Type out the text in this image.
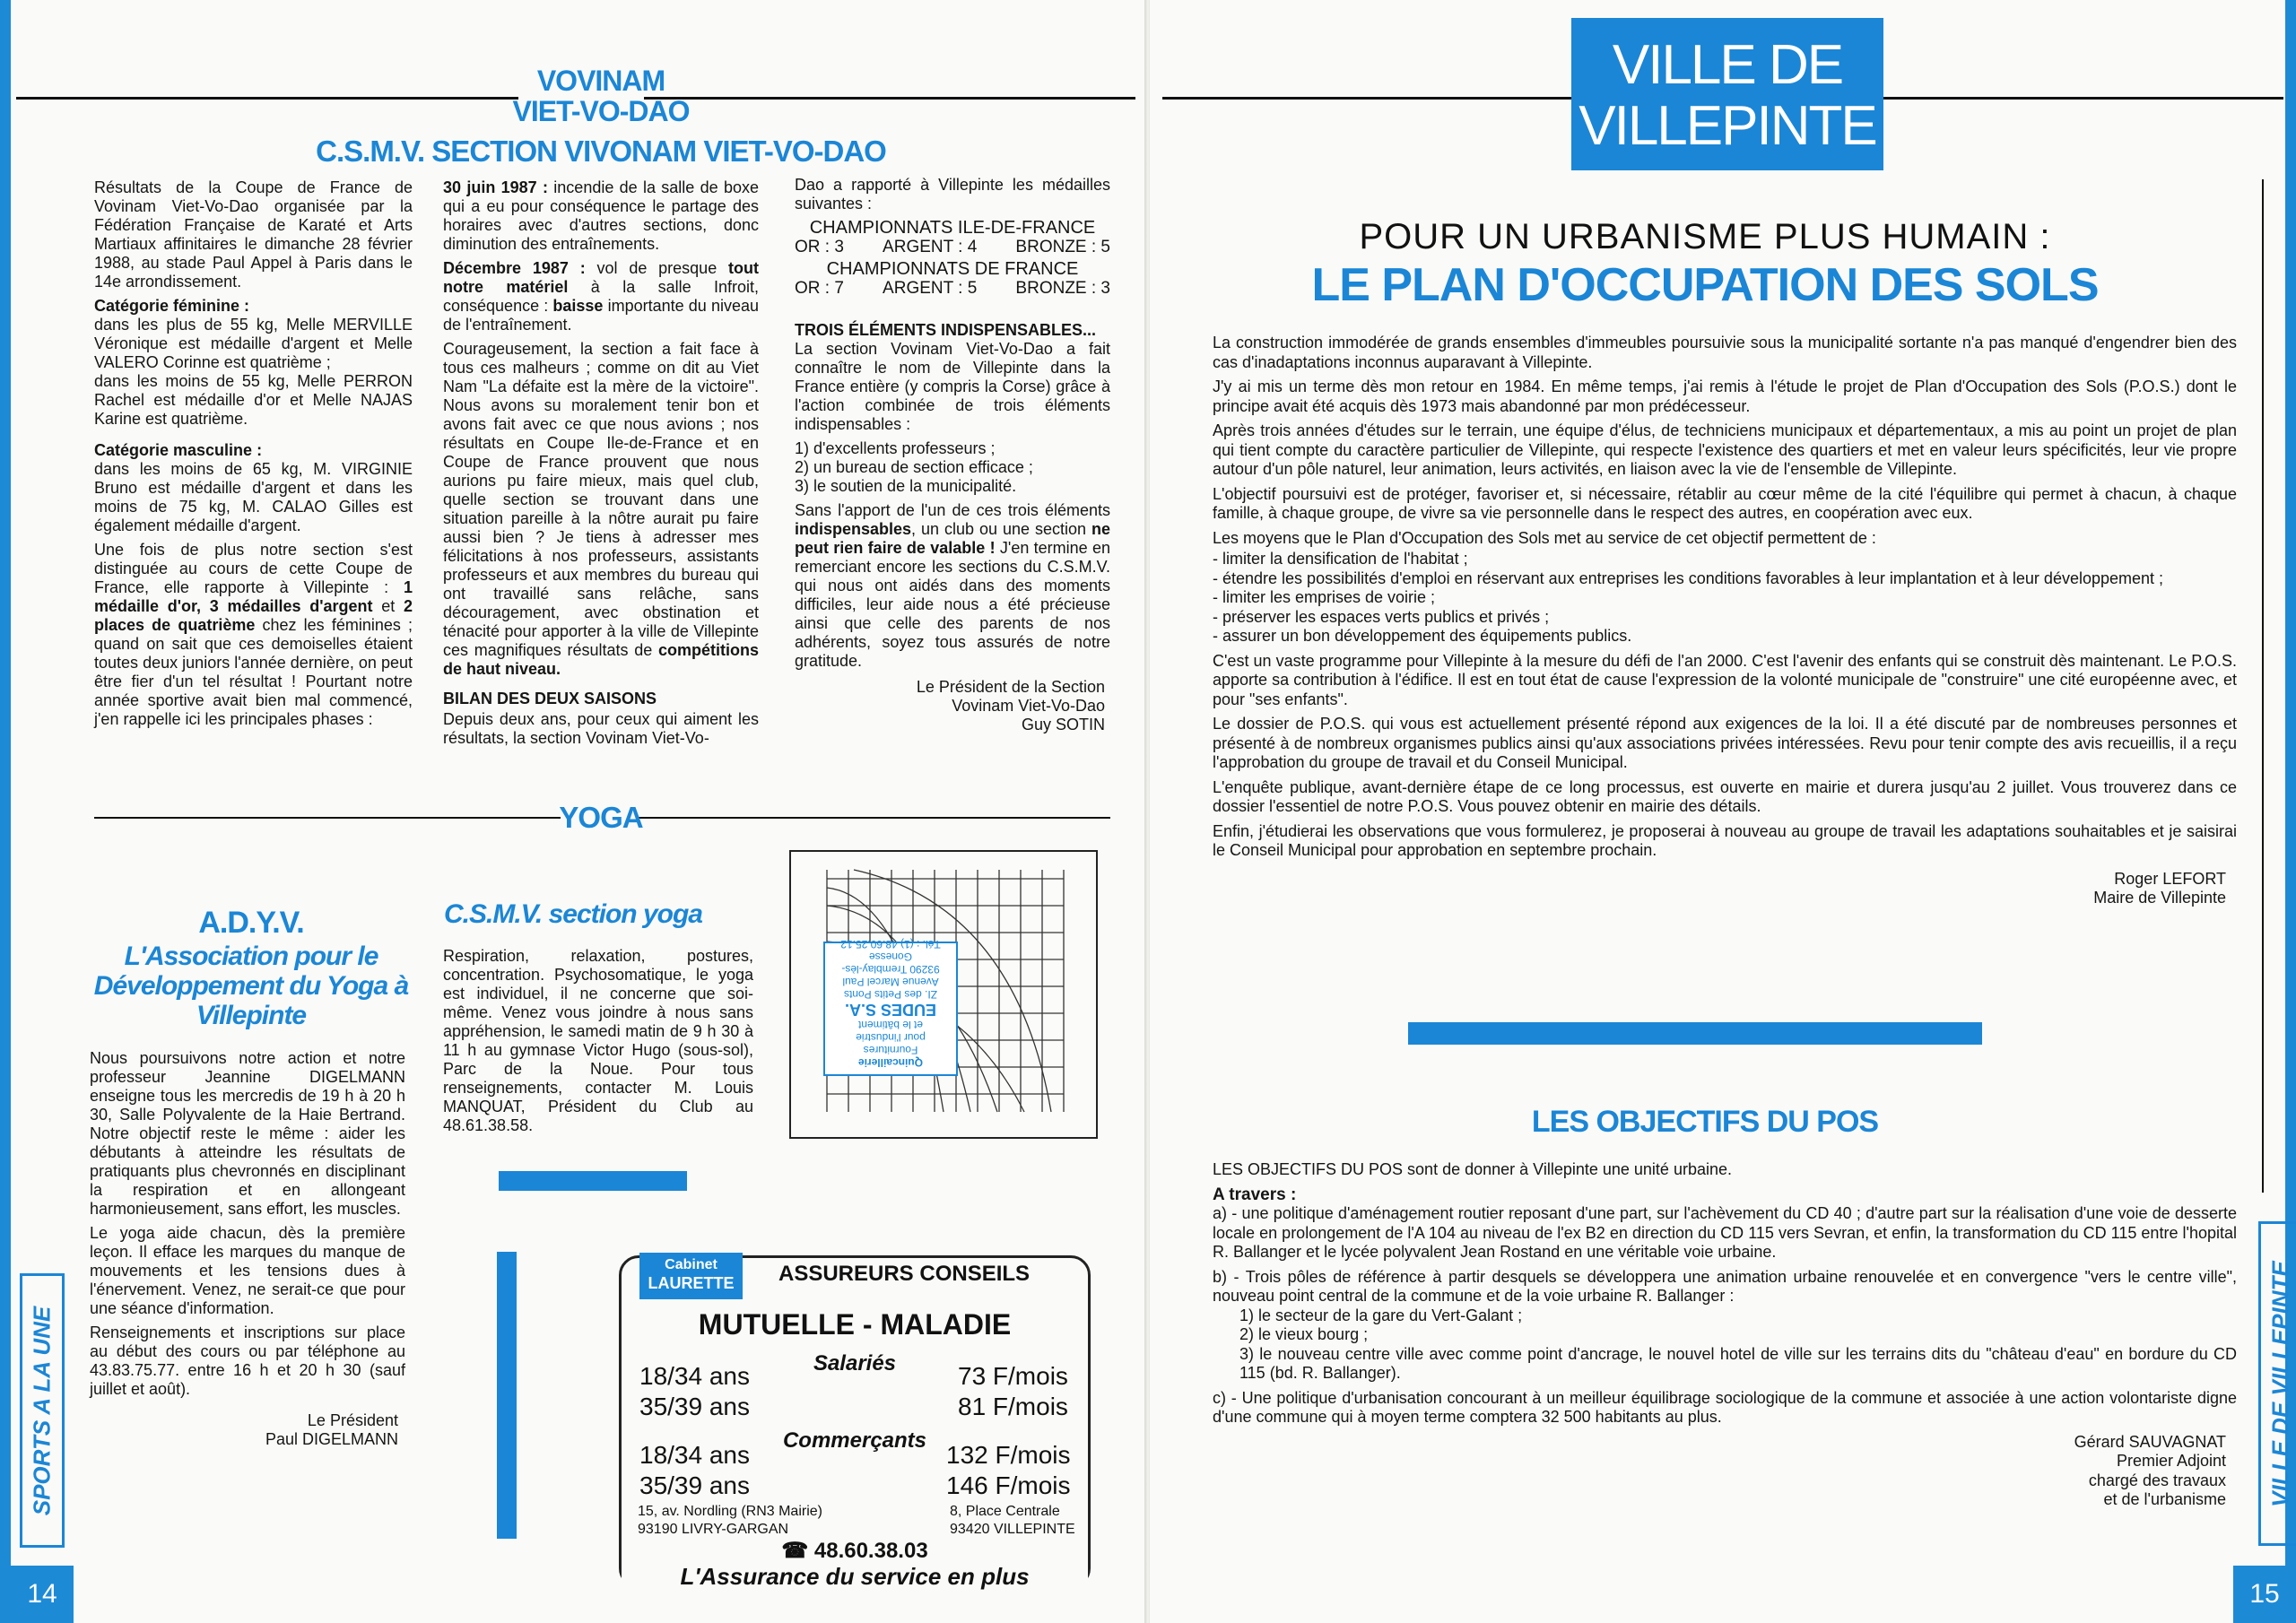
VOVINAM
VIET-VO-DAO
C.S.M.V. SECTION VIVONAM VIET-VO-DAO

Résultats de la Coupe de France de Vovinam Viet-Vo-Dao organisée par la Fédération Française de Karaté et Arts Martiaux affinitaires le dimanche 28 février 1988, au stade Paul Appel à Paris dans le 14e arrondissement.

Catégorie féminine :

dans les plus de 55 kg, Melle MERVILLE Véronique est médaille d'argent et Melle VALERO Corinne est quatrième ;

dans les moins de 55 kg, Melle PERRON Rachel est médaille d'or et Melle NAJAS Karine est quatrième.

Catégorie masculine :

dans les moins de 65 kg, M. VIRGINIE Bruno est médaille d'argent et dans les moins de 75 kg, M. CALAO Gilles est également médaille d'argent.

Une fois de plus notre section s'est distinguée au cours de cette Coupe de France, elle rapporte à Villepinte : 1 médaille d'or, 3 médailles d'argent et 2 places de quatrième chez les féminines ; quand on sait que ces demoiselles étaient toutes deux juniors l'année dernière, on peut être fier d'un tel résultat ! Pourtant notre année sportive avait bien mal commencé, j'en rappelle ici les principales phases :

30 juin 1987 : incendie de la salle de boxe qui a eu pour conséquence le partage des horaires avec d'autres sections, donc diminution des entraînements.

Décembre 1987 : vol de presque tout notre matériel à la salle Infroit, conséquence : baisse importante du niveau de l'entraînement.

Courageusement, la section a fait face à tous ces malheurs ; comme on dit au Viet Nam "La défaite est la mère de la victoire". Nous avons su moralement tenir bon et avons fait avec ce que nous avions ; nos résultats en Coupe Ile-de-France et en Coupe de France prouvent que nous aurions pu faire mieux, mais quel club, quelle section se trouvant dans une situation pareille à la nôtre aurait pu faire aussi bien ? Je tiens à adresser mes félicitations à nos professeurs, assistants professeurs et aux membres du bureau qui ont travaillé sans relâche, sans découragement, avec obstination et ténacité pour apporter à la ville de Villepinte ces magnifiques résultats de compétitions de haut niveau.

BILAN DES DEUX SAISONS

Depuis deux ans, pour ceux qui aiment les résultats, la section Vovinam Viet-Vo-

Dao a rapporté à Villepinte les médailles suivantes :

CHAMPIONNATS ILE-DE-FRANCE
OR : 3 ARGENT : 4 BRONZE : 5
CHAMPIONNATS DE FRANCE
OR : 7 ARGENT : 5 BRONZE : 3

TROIS ÉLÉMENTS INDISPENSABLES...

La section Vovinam Viet-Vo-Dao a fait connaître le nom de Villepinte dans la France entière (y compris la Corse) grâce à l'action combinée de trois éléments indispensables :

1) d'excellents professeurs ;
2) un bureau de section efficace ;
3) le soutien de la municipalité.

Sans l'apport de l'un de ces trois éléments indispensables, un club ou une section ne peut rien faire de valable ! J'en termine en remerciant encore les sections du C.S.M.V. qui nous ont aidés dans des moments difficiles, leur aide nous a été précieuse ainsi que celle des parents de nos adhérents, soyez tous assurés de notre gratitude.

Le Président de la Section
Vovinam Viet-Vo-Dao
Guy SOTIN
YOGA
A.D.Y.V.
L'Association pour le Développement du Yoga à Villepinte

Nous poursuivons notre action et notre professeur Jeannine DIGELMANN enseigne tous les mercredis de 19 h à 20 h 30, Salle Polyvalente de la Haie Bertrand. Notre objectif reste le même : aider les débutants à atteindre les résultats de pratiquants plus chevronnés en disciplinant la respiration et en allongeant harmonieusement, sans effort, les muscles.

Le yoga aide chacun, dès la première leçon. Il efface les marques du manque de mouvements et les tensions dues à l'énervement. Venez, ne serait-ce que pour une séance d'information.

Renseignements et inscriptions sur place au début des cours ou par téléphone au 43.83.75.77. entre 16 h et 20 h 30 (sauf juillet et août).

Le Président
Paul DIGELMANN
C.S.M.V. section yoga

Respiration, relaxation, postures, concentration. Psychosomatique, le yoga est individuel, il ne concerne que soi-même. Venez vous joindre à nous sans appréhension, le samedi matin de 9 h 30 à 11 h au gymnase Victor Hugo (sous-sol), Parc de la Noue. Pour tous renseignements, contacter M. Louis MANQUAT, Président du Club au 48.61.38.58.

Quincaillerie
Fournitures
pour l'industrie
et le bâtiment
EUDES S.A.
ZI. des Petits Ponts
Avenue Marcel Paul
93290 Tremblay-lès-Gonesse
Tél. : (1) 48.60.25.12
Cabinet
LAURETTE	ASSUREURS CONSEILS
MUTUELLE - MALADIE
Salariés
18/34 ans	73 F/mois
35/39 ans	81 F/mois
Commerçants
18/34 ans	132 F/mois
35/39 ans	146 F/mois
15, av. Nordling (RN3 Mairie)
93190 LIVRY-GARGAN
8, Place Centrale
93420 VILLEPINTE
☎ 48.60.38.03
L'Assurance du service en plus
SPORTS A LA UNE
14
VILLE DE
VILLEPINTE
POUR UN URBANISME PLUS HUMAIN :
LE PLAN D'OCCUPATION DES SOLS

La construction immodérée de grands ensembles d'immeubles poursuivie sous la municipalité sortante n'a pas manqué d'engendrer bien des cas d'inadaptations inconnus auparavant à Villepinte.

J'y ai mis un terme dès mon retour en 1984. En même temps, j'ai remis à l'étude le projet de Plan d'Occupation des Sols (P.O.S.) dont le principe avait été acquis dès 1973 mais abandonné par mon prédécesseur.

Après trois années d'études sur le terrain, une équipe d'élus, de techniciens municipaux et départementaux, a mis au point un projet de plan qui tient compte du caractère particulier de Villepinte, qui respecte l'existence des quartiers et met en valeur leurs spécificités, leur vie propre autour d'un pôle naturel, leur animation, leurs activités, en liaison avec la vie de l'ensemble de Villepinte.

L'objectif poursuivi est de protéger, favoriser et, si nécessaire, rétablir au cœur même de la cité l'équilibre qui permet à chacun, à chaque famille, à chaque groupe, de vivre sa vie personnelle dans le respect des autres, en coopération avec eux.

Les moyens que le Plan d'Occupation des Sols met au service de cet objectif permettent de :

- limiter la densification de l'habitat ;
- étendre les possibilités d'emploi en réservant aux entreprises les conditions favorables à leur implantation et à leur développement ;
- limiter les emprises de voirie ;
- préserver les espaces verts publics et privés ;
- assurer un bon développement des équipements publics.

C'est un vaste programme pour Villepinte à la mesure du défi de l'an 2000. C'est l'avenir des enfants qui se construit dès maintenant. Le P.O.S. apporte sa contribution à l'édifice. Il est en tout état de cause l'expression de la volonté municipale de "construire" une cité européenne avec, et pour "ses enfants".

Le dossier de P.O.S. qui vous est actuellement présenté répond aux exigences de la loi. Il a été discuté par de nombreuses personnes et présenté à de nombreux organismes publics ainsi qu'aux associations privées intéressées. Revu pour tenir compte des avis recueillis, il a reçu l'approbation du groupe de travail et du Conseil Municipal.

L'enquête publique, avant-dernière étape de ce long processus, est ouverte en mairie et durera jusqu'au 2 juillet. Vous trouverez dans ce dossier l'essentiel de notre P.O.S. Vous pouvez obtenir en mairie des détails.

Enfin, j'étudierai les observations que vous formulerez, je proposerai à nouveau au groupe de travail les adaptations souhaitables et je saisirai le Conseil Municipal pour approbation en septembre prochain.

Roger LEFORT
Maire de Villepinte
LES OBJECTIFS DU POS

LES OBJECTIFS DU POS sont de donner à Villepinte une unité urbaine.

A travers :

a) - une politique d'aménagement routier reposant d'une part, sur l'achèvement du CD 40 ; d'autre part sur la réalisation d'une voie de desserte locale en prolongement de l'A 104 au niveau de l'ex B2 en direction du CD 115 vers Sevran, et enfin, la transformation du CD 115 entre l'hopital R. Ballanger et le lycée polyvalent Jean Rostand en une véritable voie urbaine.

b) - Trois pôles de référence à partir desquels se développera une animation urbaine renouvelée et en convergence "vers le centre ville", nouveau point central de la commune et de la voie urbaine R. Ballanger :

1) le secteur de la gare du Vert-Galant ;
2) le vieux bourg ;
3) le nouveau centre ville avec comme point d'ancrage, le nouvel hotel de ville sur les terrains dits du "château d'eau" en bordure du CD 115 (bd. R. Ballanger).

c) - Une politique d'urbanisation concourant à un meilleur équilibrage sociologique de la commune et associée à une action volontariste digne d'une commune qui à moyen terme comptera 32 500 habitants au plus.

Gérard SAUVAGNAT
Premier Adjoint
chargé des travaux
et de l'urbanisme VILLE DE VILLEPINTE
15
